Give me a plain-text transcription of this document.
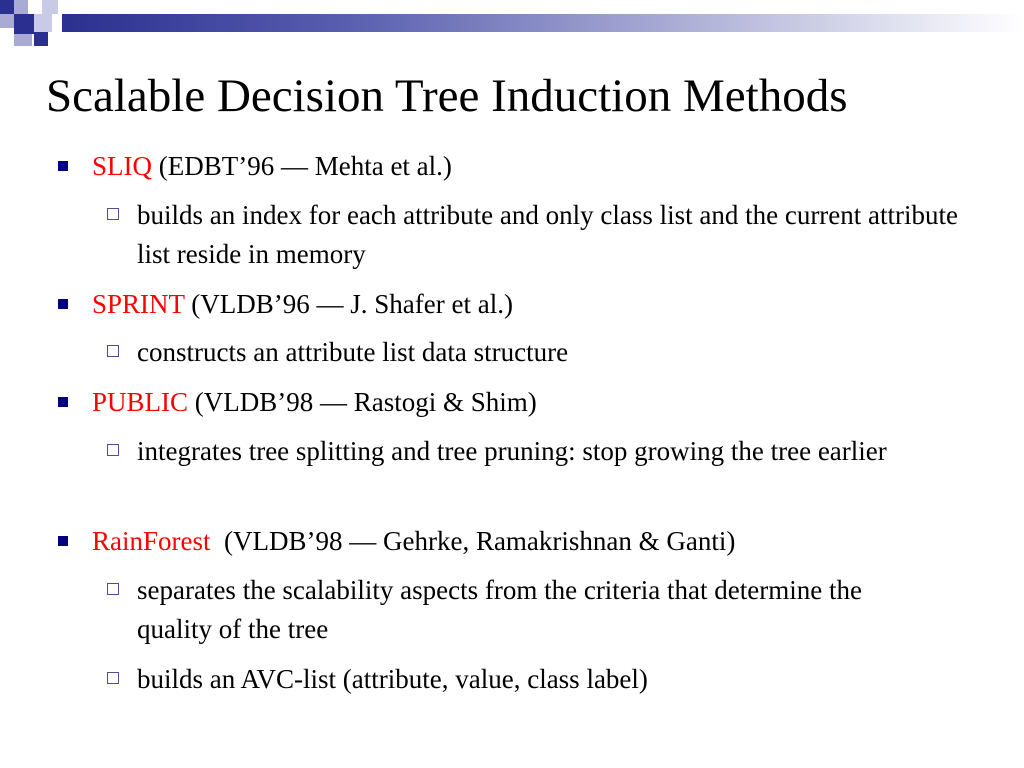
Scalable Decision Tree Induction Methods
SLIQ (EDBT’96 — Mehta et al.)
builds an index for each attribute and only class list and the current attribute list reside in memory
SPRINT (VLDB’96 — J. Shafer et al.)
constructs an attribute list data structure
PUBLIC (VLDB’98 — Rastogi & Shim)
integrates tree splitting and tree pruning: stop growing the tree earlier
RainForest  (VLDB’98 — Gehrke, Ramakrishnan & Ganti)
separates the scalability aspects from the criteria that determine the quality of the tree
builds an AVC-list (attribute, value, class label)
